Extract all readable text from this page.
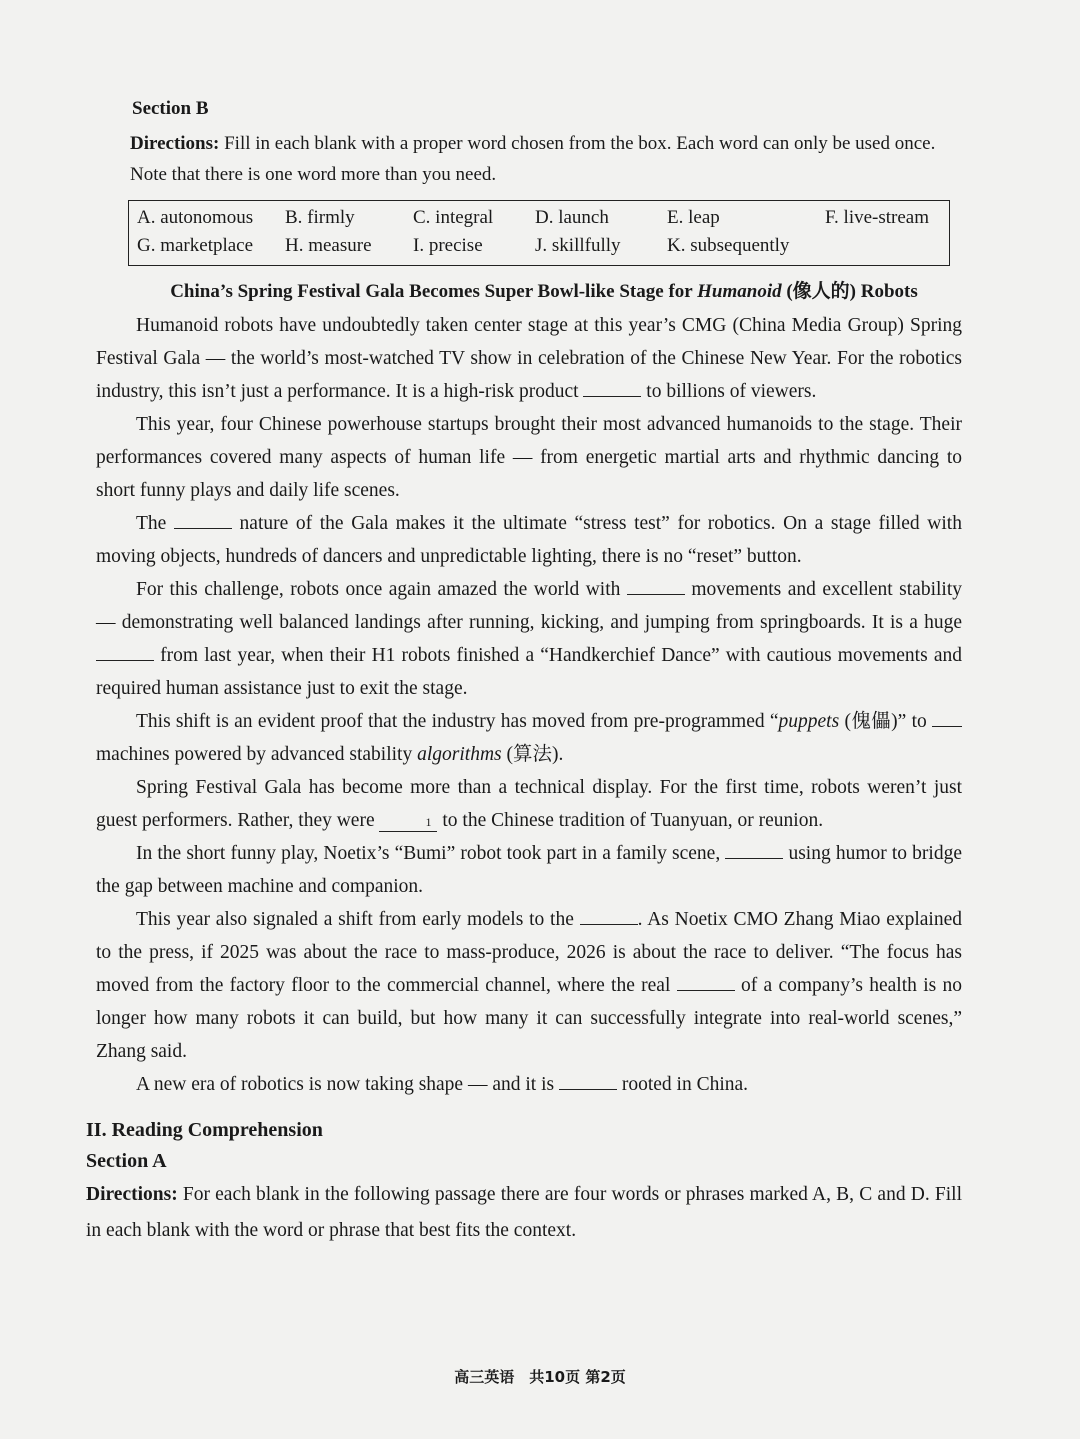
Section B
Directions: Fill in each blank with a proper word chosen from the box. Each word can only be used once. Note that there is one word more than you need.
A. autonomous	B. firmly	C. integral	D. launch	E. leap	F. live-stream
G. marketplace	H. measure	I. precise	J. skillfully	K. subsequently
China’s Spring Festival Gala Becomes Super Bowl-like Stage for Humanoid (像人的) Robots

Humanoid robots have undoubtedly taken center stage at this year’s CMG (China Media Group) Spring Festival Gala — the world’s most-watched TV show in celebration of the Chinese New Year. For the robotics industry, this isn’t just a performance. It is a high-risk product	to billions of viewers.

This year, four Chinese powerhouse startups brought their most advanced humanoids to the stage. Their performances covered many aspects of human life — from energetic martial arts and rhythmic dancing to short funny plays and daily life scenes.

The	nature of the Gala makes it the ultimate “stress test” for robotics. On a stage filled with moving objects, hundreds of dancers and unpredictable lighting, there is no “reset” button.

For this challenge, robots once again amazed the world with	movements and excellent stability — demonstrating well balanced landings after running, kicking, and jumping from springboards. It is a huge  from last year, when their H1 robots finished a “Handkerchief Dance” with cautious movements and required human assistance just to exit the stage.

This shift is an evident proof that the industry has moved from pre-programmed “puppets (傀儡)” to  machines powered by advanced stability algorithms (算法).

Spring Festival Gala has become more than a technical display. For the first time, robots weren’t just guest performers. Rather, they were	1 to the Chinese tradition of Tuanyuan, or reunion.

In the short funny play, Noetix’s “Bumi” robot took part in a family scene,	using humor to bridge the gap between machine and companion.

This year also signaled a shift from early models to the	. As Noetix CMO Zhang Miao explained to the press, if 2025 was about the race to mass-produce, 2026 is about the race to deliver. “The focus has moved from the factory floor to the commercial channel, where the real	of a company’s health is no longer how many robots it can build, but how many it can successfully integrate into real-world scenes,” Zhang said.

A new era of robotics is now taking shape — and it is	rooted in China.

II. Reading Comprehension
Section A
Directions: For each blank in the following passage there are four words or phrases marked A, B, C and D. Fill in each blank with the word or phrase that best fits the context.
高三英语　共10页 第2页
